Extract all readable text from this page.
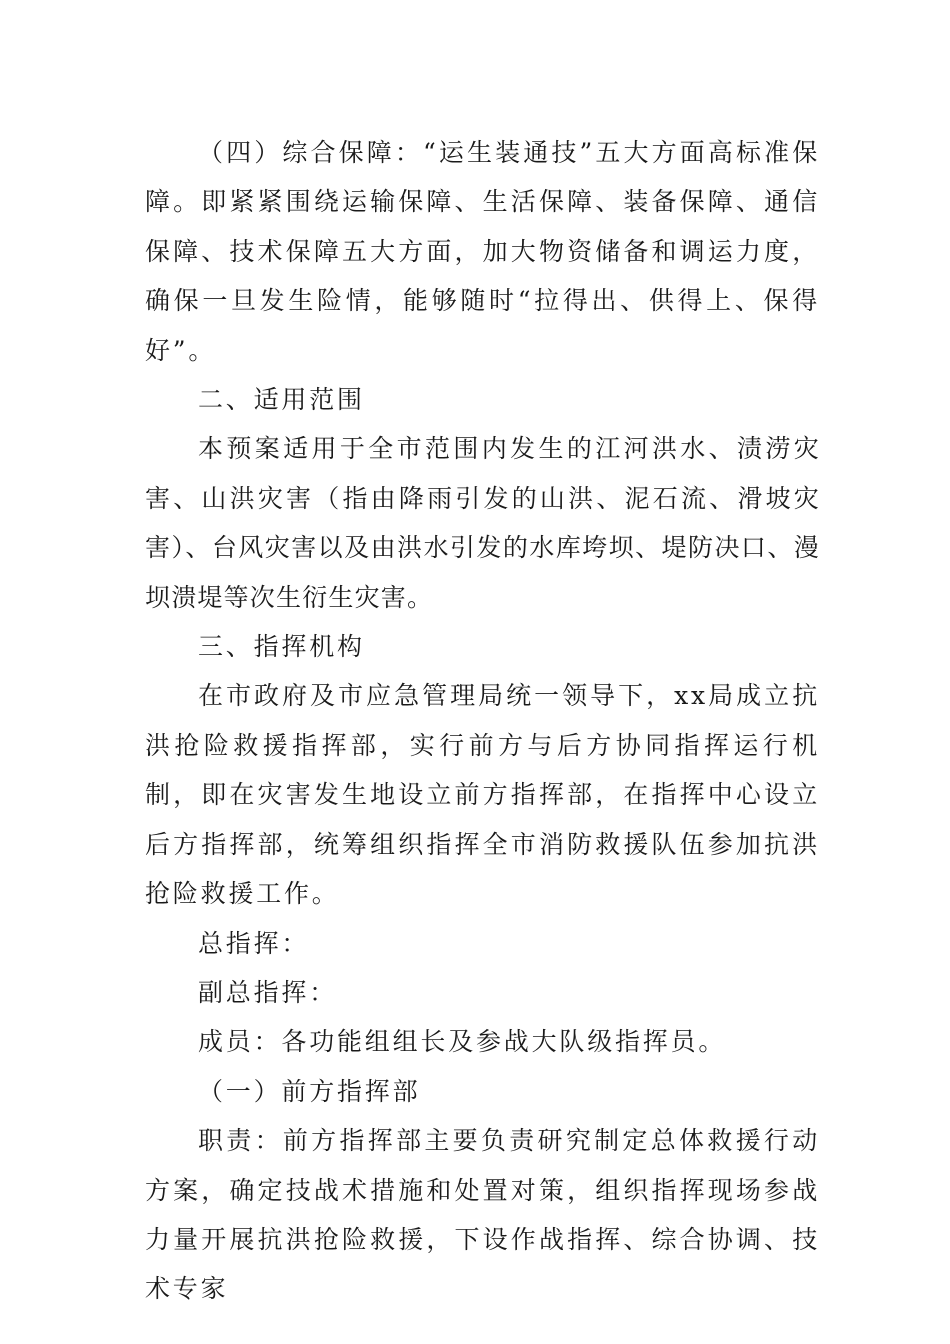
（四）综合保障：“运生装通技”五大方面高标准保障。即紧紧围绕运输保障、生活保障、装备保障、通信保障、技术保障五大方面，加大物资储备和调运力度，确保一旦发生险情，能够随时“拉得出、供得上、保得好”。

二、适用范围

本预案适用于全市范围内发生的江河洪水、渍涝灾害、山洪灾害（指由降雨引发的山洪、泥石流、滑坡灾害）、台风灾害以及由洪水引发的水库垮坝、堤防决口、漫坝溃堤等次生衍生灾害。

三、指挥机构

在市政府及市应急管理局统一领导下，xx局成立抗洪抢险救援指挥部，实行前方与后方协同指挥运行机制，即在灾害发生地设立前方指挥部，在指挥中心设立后方指挥部，统筹组织指挥全市消防救援队伍参加抗洪抢险救援工作。

总指挥：

副总指挥：

成员：各功能组组长及参战大队级指挥员。

（一）前方指挥部

职责：前方指挥部主要负责研究制定总体救援行动方案，确定技战术措施和处置对策，组织指挥现场参战力量开展抗洪抢险救援，下设作战指挥、综合协调、技术专家
